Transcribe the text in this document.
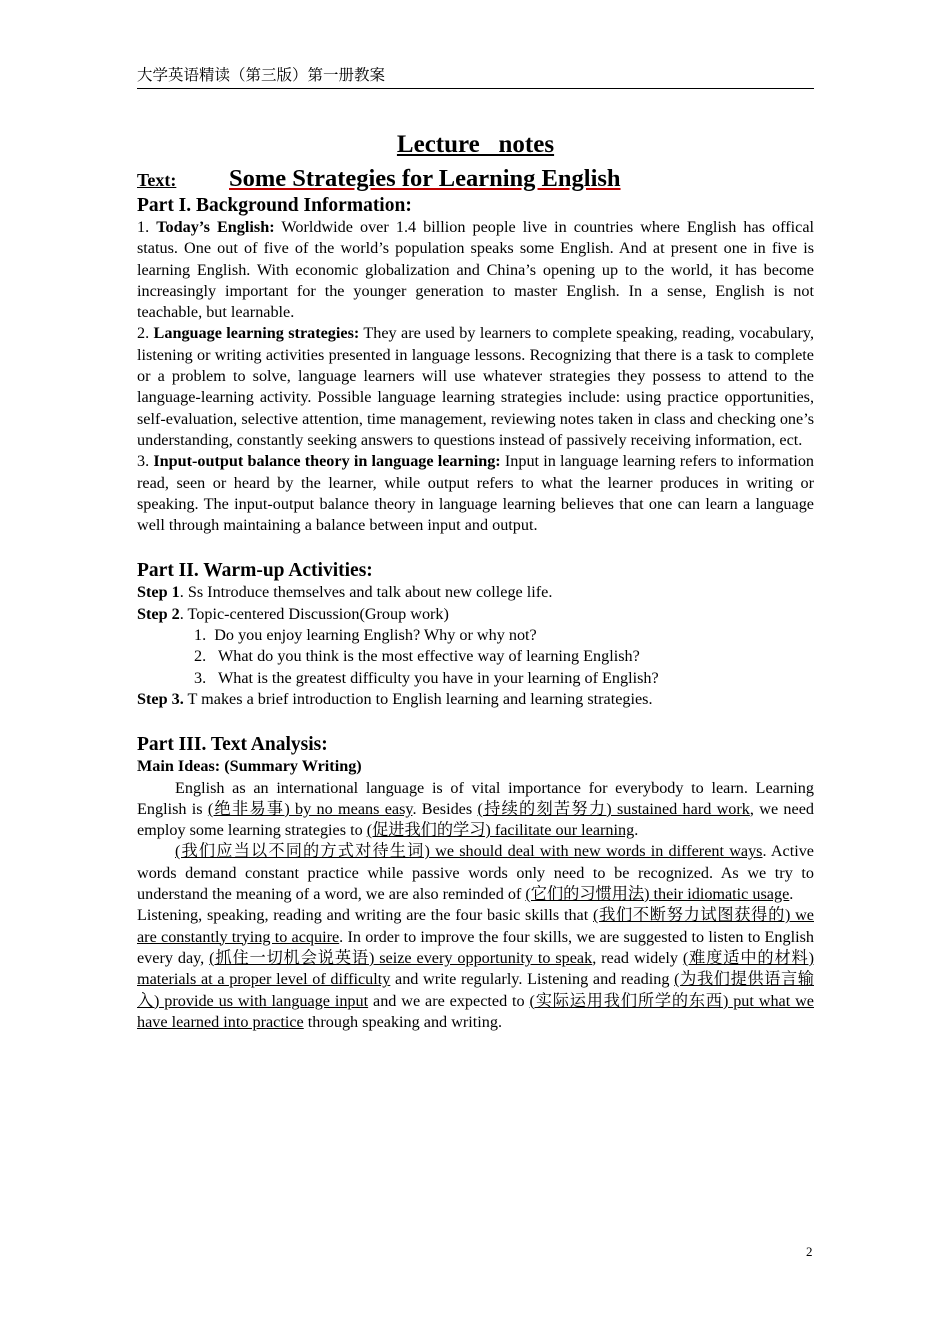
大学英语精读（第三版）第一册教案
Lecture   notes
Text: Some Strategies for Learning English
Part I. Background Information:

1. Today’s English: Worldwide over 1.4 billion people live in countries where English has offical status. One out of five of the world’s population speaks some English. And at present one in five is learning English. With economic globalization and China’s opening up to the world, it has become increasingly important for the younger generation to master English. In a sense, English is not teachable, but learnable.

2. Language learning strategies: They are used by learners to complete speaking, reading, vocabulary, listening or writing activities presented in language lessons. Recognizing that there is a task to complete or a problem to solve, language learners will use whatever strategies they possess to attend to the language-learning activity. Possible language learning strategies include: using practice opportunities, self-evaluation, selective attention, time management, reviewing notes taken in class and checking one’s understanding, constantly seeking answers to questions instead of passively receiving information, ect.

3. Input-output balance theory in language learning: Input in language learning refers to information read, seen or heard by the learner, while output refers to what the learner produces in writing or speaking. The input-output balance theory in language learning believes that one can learn a language well through maintaining a balance between input and output.

Part II. Warm-up Activities:

Step 1. Ss Introduce themselves and talk about new college life.

Step 2. Topic-centered Discussion(Group work)

1.  Do you enjoy learning English? Why or why not?

2.   What do you think is the most effective way of learning English?

3.   What is the greatest difficulty you have in your learning of English?

Step 3. T makes a brief introduction to English learning and learning strategies.

Part III. Text Analysis:

Main Ideas: (Summary Writing)

English as an international language is of vital importance for everybody to learn. Learning English is (绝非易事) by no means easy. Besides (持续的刻苦努力) sustained hard work, we need employ some learning strategies to (促进我们的学习) facilitate our learning.

(我们应当以不同的方式对待生词) we should deal with new words in different ways. Active words demand constant practice while passive words only need to be recognized. As we try to understand the meaning of a word, we are also reminded of (它们的习惯用法) their idiomatic usage.

Listening, speaking, reading and writing are the four basic skills that (我们不断努力试图获得的) we are constantly trying to acquire. In order to improve the four skills, we are suggested to listen to English every day, (抓住一切机会说英语) seize every opportunity to speak, read widely (难度适中的材料) materials at a proper level of difficulty and write regularly. Listening and reading (为我们提供语言输入) provide us with language input and we are expected to (实际运用我们所学的东西) put what we have learned into practice through speaking and writing.

2
